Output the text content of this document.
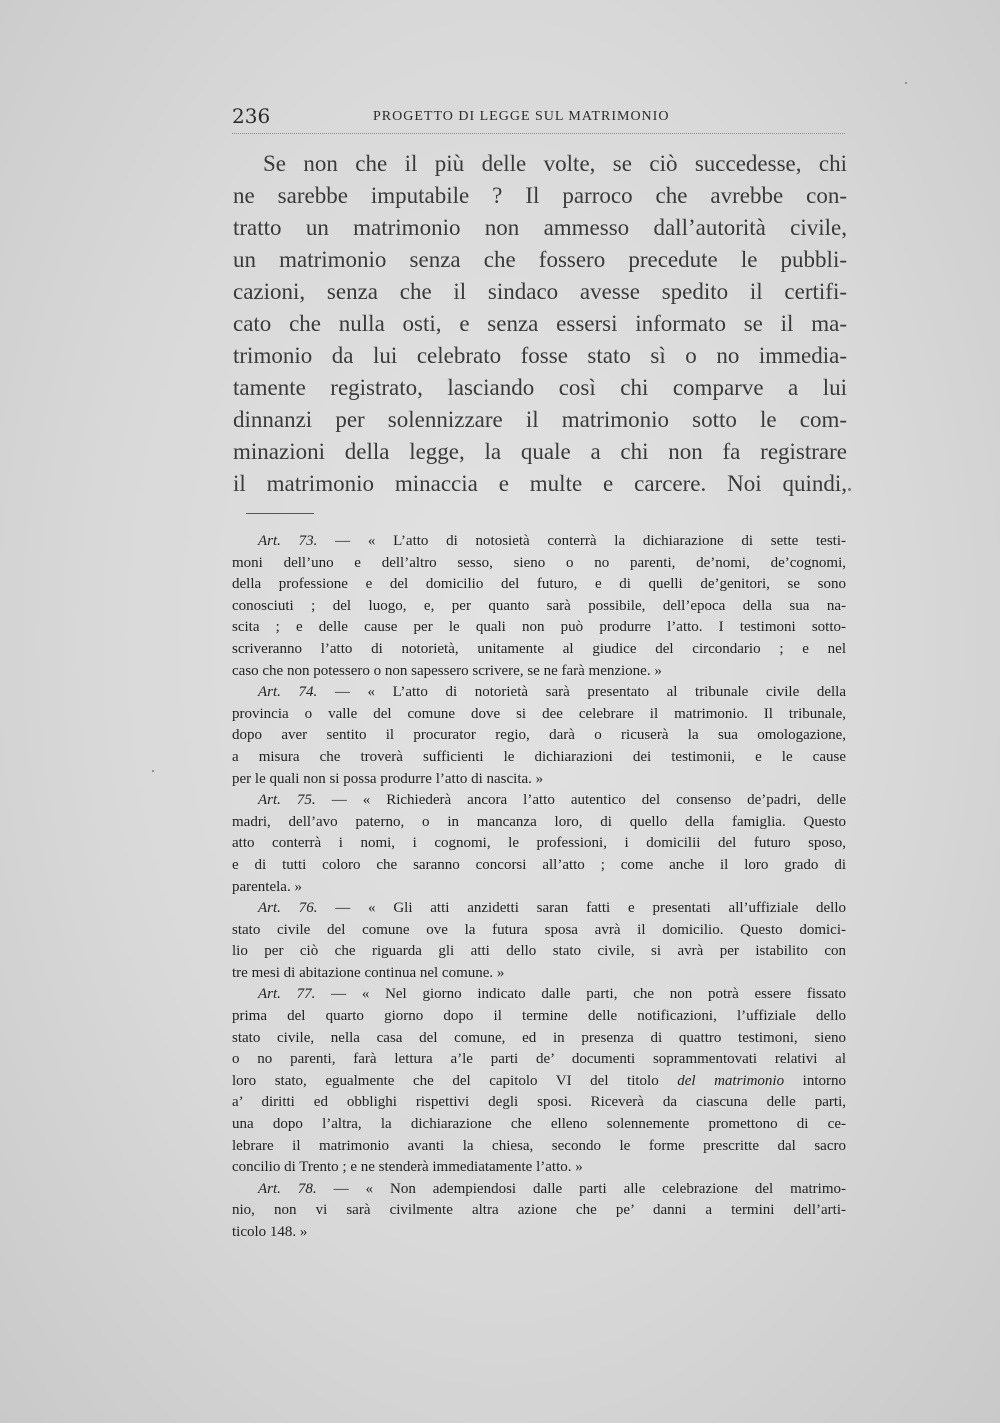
236	PROGETTO DI LEGGE SUL MATRIMONIO
Se non che il più delle volte, se ciò succedesse, chi
ne sarebbe imputabile ? Il parroco che avrebbe con-
tratto un matrimonio non ammesso dall’autorità civile,
un matrimonio senza che fossero precedute le pubbli-
cazioni, senza che il sindaco avesse spedito il certifi-
cato che nulla osti, e senza essersi informato se il ma-
trimonio da lui celebrato fosse stato sì o no immedia-
tamente registrato, lasciando così chi comparve a lui
dinnanzi per solennizzare il matrimonio sotto le com-
minazioni della legge, la quale a chi non fa registrare
il matrimonio minaccia e multe e carcere. Noi quindi,
Art. 73. — « L’atto di notosietà conterrà la dichiarazione di sette testi-
moni dell’uno e dell’altro sesso, sieno o no parenti, de’nomi, de’cognomi,
della professione e del domicilio del futuro, e di quelli de’genitori, se sono
conosciuti ; del luogo, e, per quanto sarà possibile, dell’epoca della sua na-
scita ; e delle cause per le quali non può produrre l’atto. I testimoni sotto-
scriveranno l’atto di notorietà, unitamente al giudice del circondario ; e nel
caso che non potessero o non sapessero scrivere, se ne farà menzione. »
Art. 74. — « L’atto di notorietà sarà presentato al tribunale civile della
provincia o valle del comune dove si dee celebrare il matrimonio. Il tribunale,
dopo aver sentito il procurator regio, darà o ricuserà la sua omologazione,
a misura che troverà sufficienti le dichiarazioni dei testimonii, e le cause
per le quali non si possa produrre l’atto di nascita. »
Art. 75. — « Richiederà ancora l’atto autentico del consenso de’padri, delle
madri, dell’avo paterno, o in mancanza loro, di quello della famiglia. Questo
atto conterrà i nomi, i cognomi, le professioni, i domicilii del futuro sposo,
e di tutti coloro che saranno concorsi all’atto ; come anche il loro grado di
parentela. »
Art. 76. — « Gli atti anzidetti saran fatti e presentati all’uffiziale dello
stato civile del comune ove la futura sposa avrà il domicilio. Questo domici-
lio per ciò che riguarda gli atti dello stato civile, si avrà per istabilito con
tre mesi di abitazione continua nel comune. »
Art. 77. — « Nel giorno indicato dalle parti, che non potrà essere fissato
prima del quarto giorno dopo il termine delle notificazioni, l’uffiziale dello
stato civile, nella casa del comune, ed in presenza di quattro testimoni, sieno
o no parenti, farà lettura a’le parti de’ documenti soprammentovati relativi al
loro stato, egualmente che del capitolo VI del titolo del matrimonio intorno
a’ diritti ed obblighi rispettivi degli sposi. Riceverà da ciascuna delle parti,
una dopo l’altra, la dichiarazione che elleno solennemente promettono di ce-
lebrare il matrimonio avanti la chiesa, secondo le forme prescritte dal sacro
concilio di Trento ; e ne stenderà immediatamente l’atto. »
Art. 78. — « Non adempiendosi dalle parti alle celebrazione del matrimo-
nio, non vi sarà civilmente altra azione che pe’ danni a termini dell’arti-
ticolo 148. »
